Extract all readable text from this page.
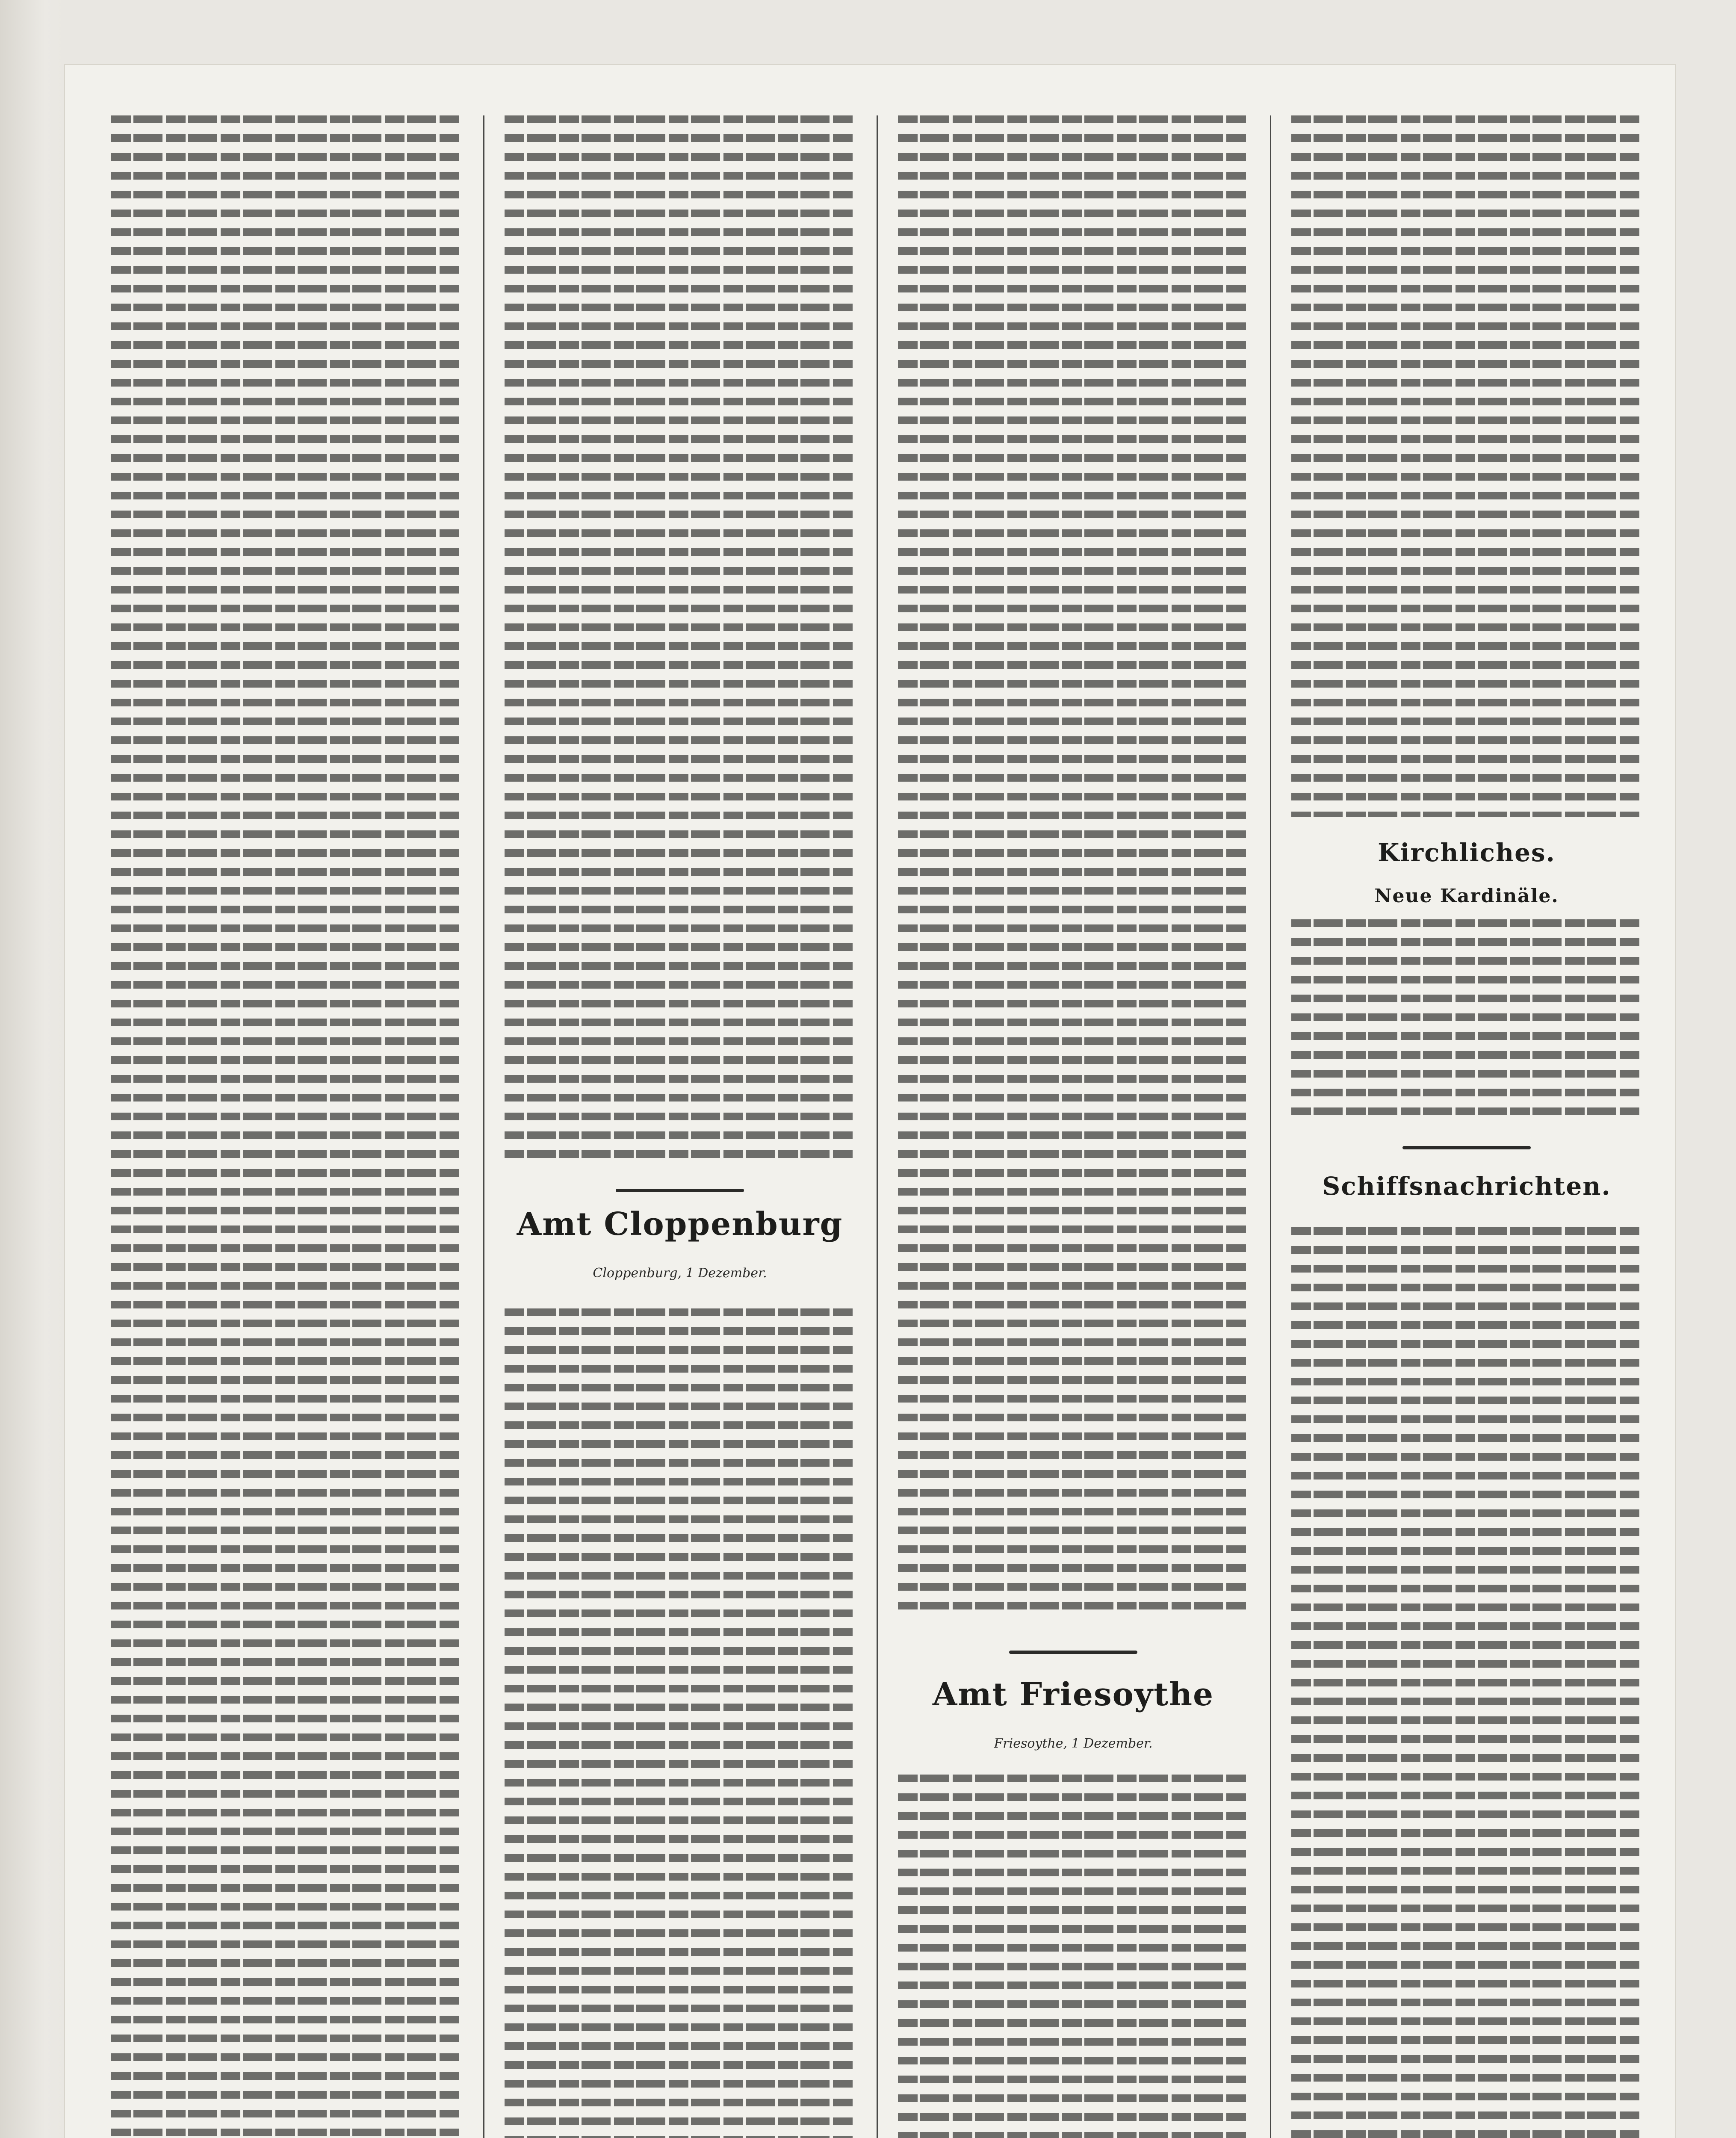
Amt Cloppenburg
Cloppenburg, 1 Dezember.
Amt Friesoythe
Friesoythe, 1 Dezember.
Kirchliches.
Neue Kardinäle.
Schiffsnachrichten.
